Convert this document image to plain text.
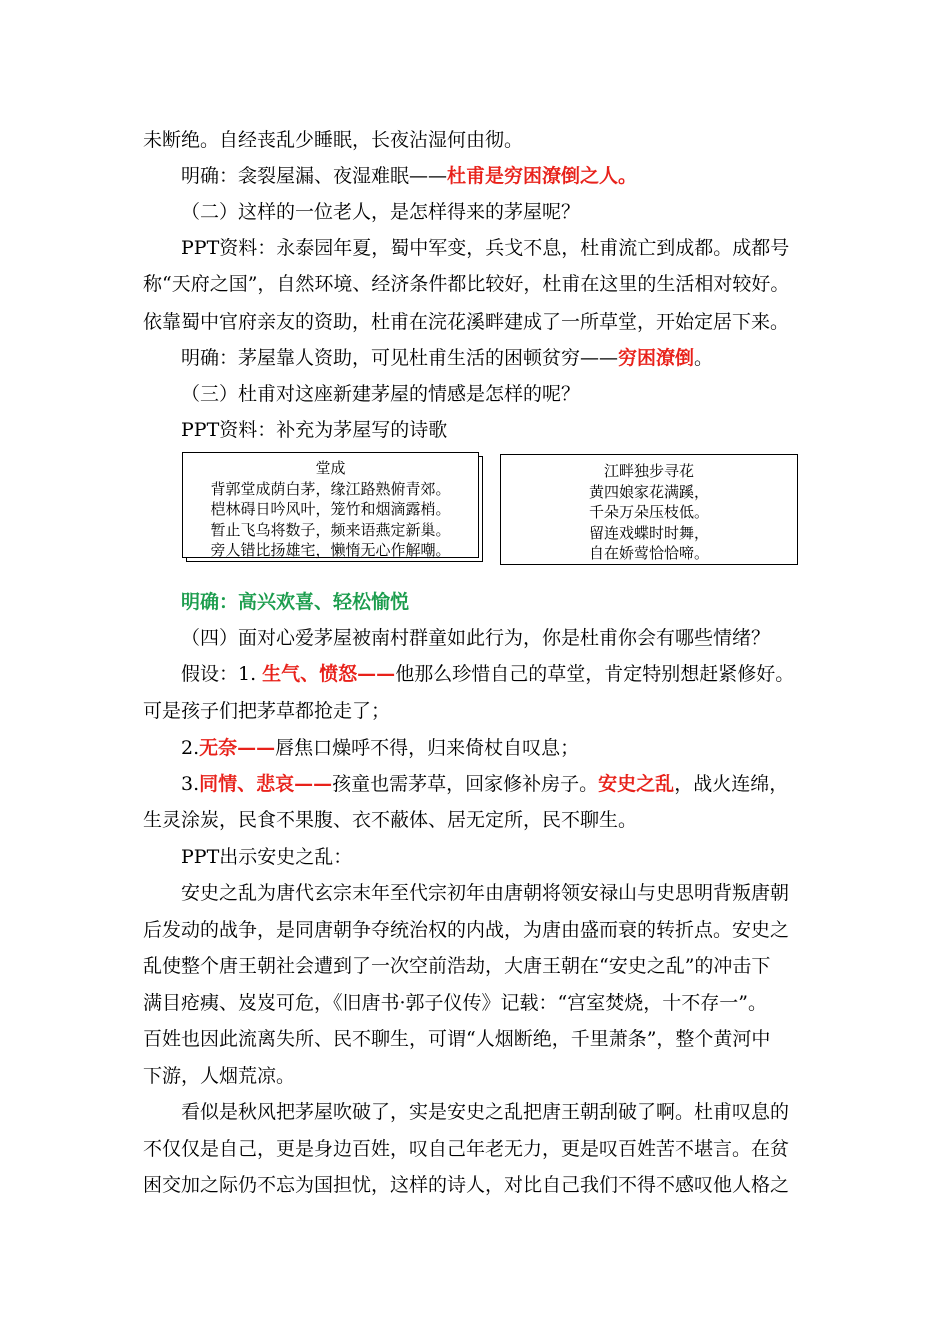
未断绝。自经丧乱少睡眠，长夜沾湿何由彻。
明确：衾裂屋漏、夜湿难眠——杜甫是穷困潦倒之人。
（二）这样的一位老人，是怎样得来的茅屋呢？
PPT资料：永泰园年夏，蜀中军变，兵戈不息，杜甫流亡到成都。成都号
称“天府之国”，自然环境、经济条件都比较好，杜甫在这里的生活相对较好。
依靠蜀中官府亲友的资助，杜甫在浣花溪畔建成了一所草堂，开始定居下来。
明确：茅屋靠人资助，可见杜甫生活的困顿贫穷——穷困潦倒。
（三）杜甫对这座新建茅屋的情感是怎样的呢？
PPT资料：补充为茅屋写的诗歌
堂成
背郭堂成荫白茅，缘江路熟俯青郊。
桤林碍日吟风叶，笼竹和烟滴露梢。
暂止飞乌将数子，频来语燕定新巢。
旁人错比扬雄宅，懒惰无心作解嘲。
江畔独步寻花
黄四娘家花满蹊，
千朵万朵压枝低。
留连戏蝶时时舞，
自在娇莺恰恰啼。
明确：高兴欢喜、轻松愉悦
（四）面对心爱茅屋被南村群童如此行为，你是杜甫你会有哪些情绪？
假设：1. 生气、愤怒——他那么珍惜自己的草堂，肯定特别想赶紧修好。
可是孩子们把茅草都抢走了；
2.无奈——唇焦口燥呼不得，归来倚杖自叹息；
3.同情、悲哀——孩童也需茅草，回家修补房子。安史之乱，战火连绵，
生灵涂炭，民食不果腹、衣不蔽体、居无定所，民不聊生。
PPT出示安史之乱：
安史之乱为唐代玄宗末年至代宗初年由唐朝将领安禄山与史思明背叛唐朝
后发动的战争，是同唐朝争夺统治权的内战，为唐由盛而衰的转折点。安史之
乱使整个唐王朝社会遭到了一次空前浩劫，大唐王朝在“安史之乱”的冲击下
满目疮痍、岌岌可危，《旧唐书·郭子仪传》记载：“宫室焚烧，十不存一”。
百姓也因此流离失所、民不聊生，可谓“人烟断绝，千里萧条”，整个黄河中
下游，人烟荒凉。
看似是秋风把茅屋吹破了，实是安史之乱把唐王朝刮破了啊。杜甫叹息的
不仅仅是自己，更是身边百姓，叹自己年老无力，更是叹百姓苦不堪言。在贫
困交加之际仍不忘为国担忧，这样的诗人，对比自己我们不得不感叹他人格之
